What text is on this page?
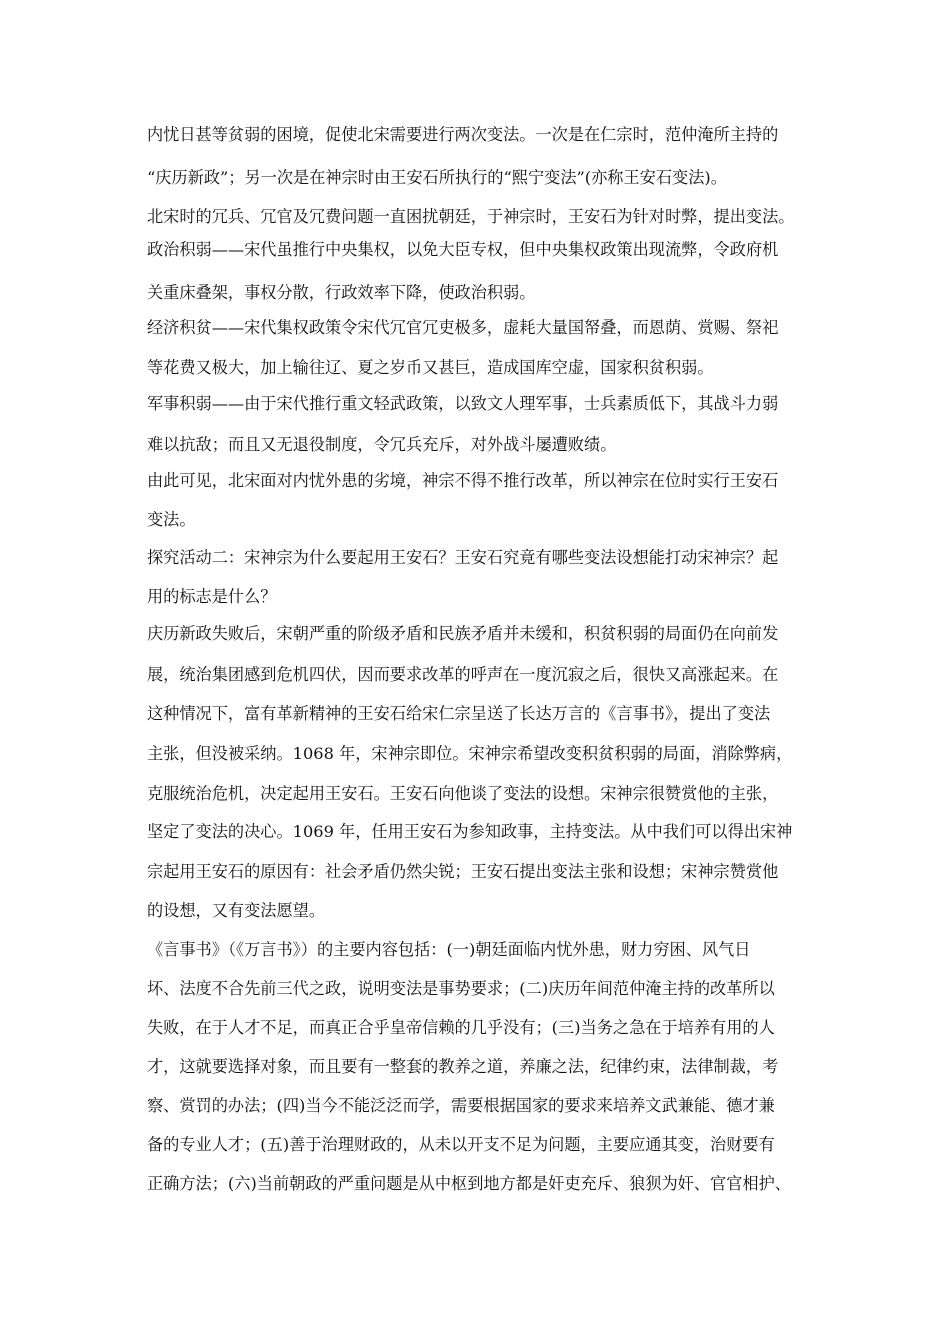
内忧日甚等贫弱的困境，促使北宋需要进行两次变法。一次是在仁宗时，范仲淹所主持的
“庆历新政”；另一次是在神宗时由王安石所执行的“熙宁变法”(亦称王安石变法)。
北宋时的冗兵、冗官及冗费问题一直困扰朝廷，于神宗时，王安石为针对时弊，提出变法。
政治积弱——宋代虽推行中央集权，以免大臣专权，但中央集权政策出现流弊，令政府机
关重床叠架，事权分散，行政效率下降，使政治积弱。
经济积贫——宋代集权政策令宋代冗官冗吏极多，虚耗大量国帑叠，而恩荫、赏赐、祭祀
等花费又极大，加上输往辽、夏之岁币又甚巨，造成国库空虚，国家积贫积弱。
军事积弱——由于宋代推行重文轻武政策，以致文人理军事，士兵素质低下，其战斗力弱
难以抗敌；而且又无退役制度，令冗兵充斥，对外战斗屡遭败绩。
由此可见，北宋面对内忧外患的劣境，神宗不得不推行改革，所以神宗在位时实行王安石
变法。
探究活动二：宋神宗为什么要起用王安石？王安石究竟有哪些变法设想能打动宋神宗？起
用的标志是什么？
庆历新政失败后，宋朝严重的阶级矛盾和民族矛盾并未缓和，积贫积弱的局面仍在向前发
展，统治集团感到危机四伏，因而要求改革的呼声在一度沉寂之后，很快又高涨起来。在
这种情况下，富有革新精神的王安石给宋仁宗呈送了长达万言的《言事书》，提出了变法
主张，但没被采纳。1068 年，宋神宗即位。宋神宗希望改变积贫积弱的局面，消除弊病，
克服统治危机，决定起用王安石。王安石向他谈了变法的设想。宋神宗很赞赏他的主张，
坚定了变法的决心。1069 年，任用王安石为参知政事，主持变法。从中我们可以得出宋神
宗起用王安石的原因有：社会矛盾仍然尖锐；王安石提出变法主张和设想；宋神宗赞赏他
的设想，又有变法愿望。
《言事书》（《万言书》）的主要内容包括：(一)朝廷面临内忧外患，财力穷困、风气日
坏、法度不合先前三代之政，说明变法是事势要求；(二)庆历年间范仲淹主持的改革所以
失败，在于人才不足，而真正合乎皇帝信赖的几乎没有；(三)当务之急在于培养有用的人
才，这就要选择对象，而且要有一整套的教养之道，养廉之法，纪律约束，法律制裁，考
察、赏罚的办法；(四)当今不能泛泛而学，需要根据国家的要求来培养文武兼能、德才兼
备的专业人才；(五)善于治理财政的，从未以开支不足为问题，主要应通其变，治财要有
正确方法；(六)当前朝政的严重问题是从中枢到地方都是奸吏充斥、狼狈为奸、官官相护、
